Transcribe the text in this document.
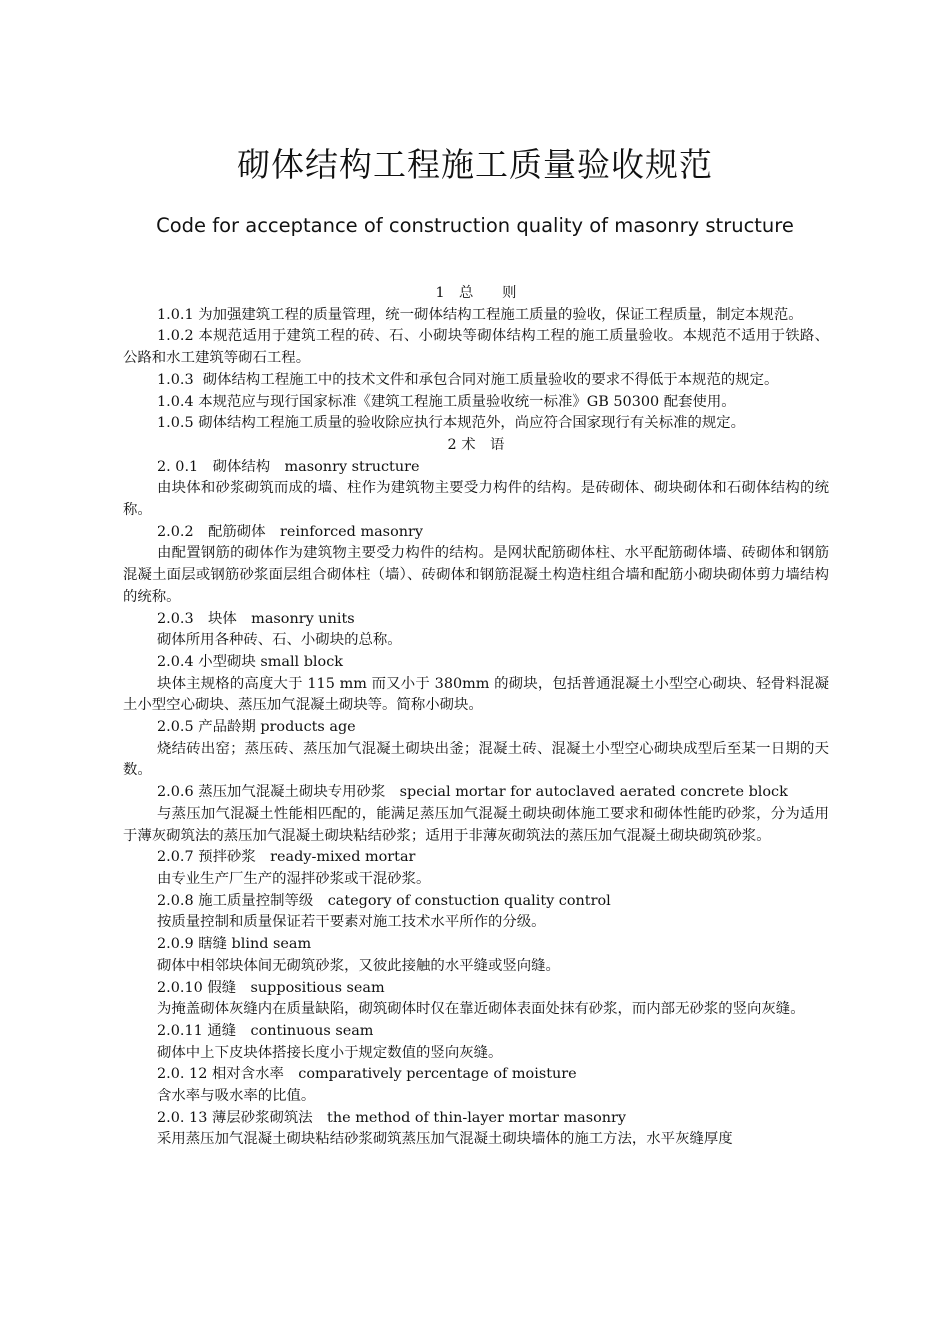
砌体结构工程施工质量验收规范
Code for acceptance of construction quality of masonry structure

1　总　　则

1.0.1 为加强建筑工程的质量管理，统一砌体结构工程施工质量的验收，保证工程质量，制定本规范。

1.0.2 本规范适用于建筑工程的砖、石、小砌块等砌体结构工程的施工质量验收。本规范不适用于铁路、公路和水工建筑等砌石工程。

1.0.3  砌体结构工程施工中的技术文件和承包合同对施工质量验收的要求不得低于本规范的规定。

1.0.4 本规范应与现行国家标准《建筑工程施工质量验收统一标准》GB 50300 配套使用。

1.0.5 砌体结构工程施工质量的验收除应执行本规范外，尚应符合国家现行有关标准的规定。

2 术　语

2. 0.1　砌体结构　masonry structure

由块体和砂浆砌筑而成的墙、柱作为建筑物主要受力构件的结构。是砖砌体、砌块砌体和石砌体结构的统称。

2.0.2　配筋砌体　reinforced masonry

由配置钢筋的砌体作为建筑物主要受力构件的结构。是网状配筋砌体柱、水平配筋砌体墙、砖砌体和钢筋混凝土面层或钢筋砂浆面层组合砌体柱（墙）、砖砌体和钢筋混凝土构造柱组合墙和配筋小砌块砌体剪力墙结构的统称。

2.0.3　块体　masonry units

砌体所用各种砖、石、小砌块的总称。

2.0.4 小型砌块 small block

块体主规格的高度大于 115 mm 而又小于 380mm 的砌块，包括普通混凝土小型空心砌块、轻骨料混凝土小型空心砌块、蒸压加气混凝土砌块等。简称小砌块。

2.0.5 产品龄期 products age

烧结砖出窑；蒸压砖、蒸压加气混凝土砌块出釜；混凝土砖、混凝土小型空心砌块成型后至某一日期的天数。

2.0.6 蒸压加气混凝土砌块专用砂浆　special mortar for autoclaved aerated concrete block

与蒸压加气混凝土性能相匹配的，能满足蒸压加气混凝土砌块砌体施工要求和砌体性能旳砂浆，分为适用于薄灰砌筑法的蒸压加气混凝土砌块粘结砂浆；适用于非薄灰砌筑法的蒸压加气混凝土砌块砌筑砂浆。

2.0.7 预拌砂浆　ready-mixed mortar

由专业生产厂生产的湿拌砂浆或干混砂浆。

2.0.8 施工质量控制等级　category of constuction quality control

按质量控制和质量保证若干要素对施工技术水平所作的分级。

2.0.9 瞎缝 blind seam

砌体中相邻块体间无砌筑砂浆，又彼此接触的水平缝或竖向缝。

2.0.10 假缝　suppositious seam

为掩盖砌体灰缝内在质量缺陷，砌筑砌体时仅在靠近砌体表面处抹有砂浆，而内部无砂浆的竖向灰缝。

2.0.11 通缝　continuous seam

砌体中上下皮块体搭接长度小于规定数值的竖向灰缝。

2.0. 12 相对含水率　comparatively percentage of moisture

含水率与吸水率的比值。

2.0. 13 薄层砂浆砌筑法　the method of thin-layer mortar masonry

采用蒸压加气混凝土砌块粘结砂浆砌筑蒸压加气混凝土砌块墙体的施工方法，水平灰缝厚度
